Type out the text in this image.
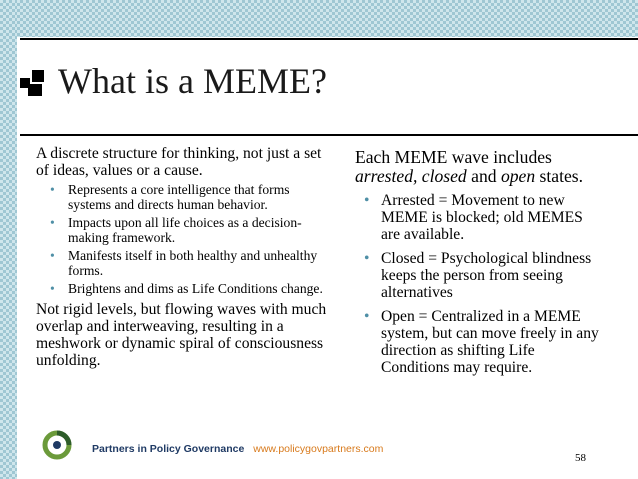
What is a MEME?

A discrete structure for thinking, not just a set of ideas, values or a cause.

• Represents a core intelligence that forms systems and directs human behavior.
• Impacts upon all life choices as a decision-making framework.
• Manifests itself in both healthy and unhealthy forms.
• Brightens and dims as Life Conditions change.

Not rigid levels, but flowing waves with much overlap and interweaving, resulting in a meshwork or dynamic spiral of consciousness unfolding.

Each MEME wave includes arrested, closed and open states.

• Arrested = Movement to new MEME is blocked; old MEMES are available.
• Closed = Psychological blindness keeps the person from seeing alternatives
• Open = Centralized in a MEME system, but can move freely in any direction as shifting Life Conditions may require.
Partners in Policy Governance www.policygovpartners.com
58
